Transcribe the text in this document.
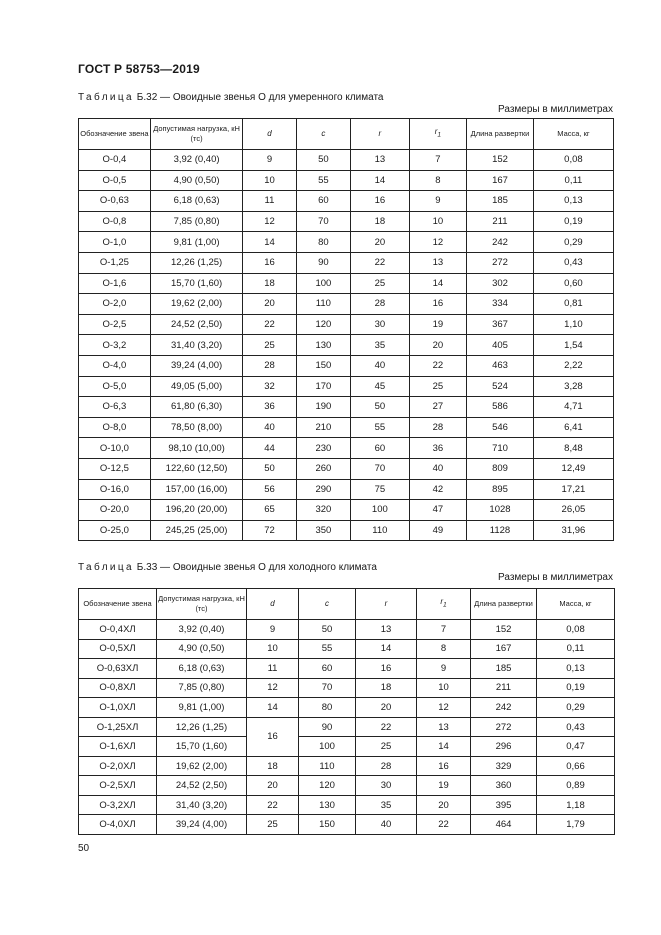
ГОСТ Р 58753—2019
Таблица Б.32 — Овоидные звенья О для умеренного климата
Размеры в миллиметрах
Обозначение звена	Допустимая нагрузка, кН (тс)	d	c	r	$r_1$	Длина развертки	Масса, кг
О-0,4	3,92 (0,40)	9	50	13	7	152	0,08
О-0,5	4,90 (0,50)	10	55	14	8	167	0,11
О-0,63	6,18 (0,63)	11	60	16	9	185	0,13
О-0,8	7,85 (0,80)	12	70	18	10	211	0,19
О-1,0	9,81 (1,00)	14	80	20	12	242	0,29
О-1,25	12,26 (1,25)	16	90	22	13	272	0,43
О-1,6	15,70 (1,60)	18	100	25	14	302	0,60
О-2,0	19,62 (2,00)	20	110	28	16	334	0,81
О-2,5	24,52 (2,50)	22	120	30	19	367	1,10
О-3,2	31,40 (3,20)	25	130	35	20	405	1,54
О-4,0	39,24 (4,00)	28	150	40	22	463	2,22
О-5,0	49,05 (5,00)	32	170	45	25	524	3,28
О-6,3	61,80 (6,30)	36	190	50	27	586	4,71
О-8,0	78,50 (8,00)	40	210	55	28	546	6,41
О-10,0	98,10 (10,00)	44	230	60	36	710	8,48
О-12,5	122,60 (12,50)	50	260	70	40	809	12,49
О-16,0	157,00 (16,00)	56	290	75	42	895	17,21
О-20,0	196,20 (20,00)	65	320	100	47	1028	26,05
О-25,0	245,25 (25,00)	72	350	110	49	1128	31,96
Таблица Б.33 — Овоидные звенья О для холодного климата
Размеры в миллиметрах
Обозначение звена	Допустимая нагрузка, кН (тс)	d	c	r	$r_1$	Длина развертки	Масса, кг
О-0,4ХЛ	3,92 (0,40)	9	50	13	7	152	0,08
О-0,5ХЛ	4,90 (0,50)	10	55	14	8	167	0,11
О-0,63ХЛ	6,18 (0,63)	11	60	16	9	185	0,13
О-0,8ХЛ	7,85 (0,80)	12	70	18	10	211	0,19
О-1,0ХЛ	9,81 (1,00)	14	80	20	12	242	0,29
О-1,25ХЛ	12,26 (1,25)	16	90	22	13	272	0,43
О-1,6ХЛ	15,70 (1,60)		100	25	14	296	0,47
О-2,0ХЛ	19,62 (2,00)	18	110	28	16	329	0,66
О-2,5ХЛ	24,52 (2,50)	20	120	30	19	360	0,89
О-3,2ХЛ	31,40 (3,20)	22	130	35	20	395	1,18
О-4,0ХЛ	39,24 (4,00)	25	150	40	22	464	1,79
50
